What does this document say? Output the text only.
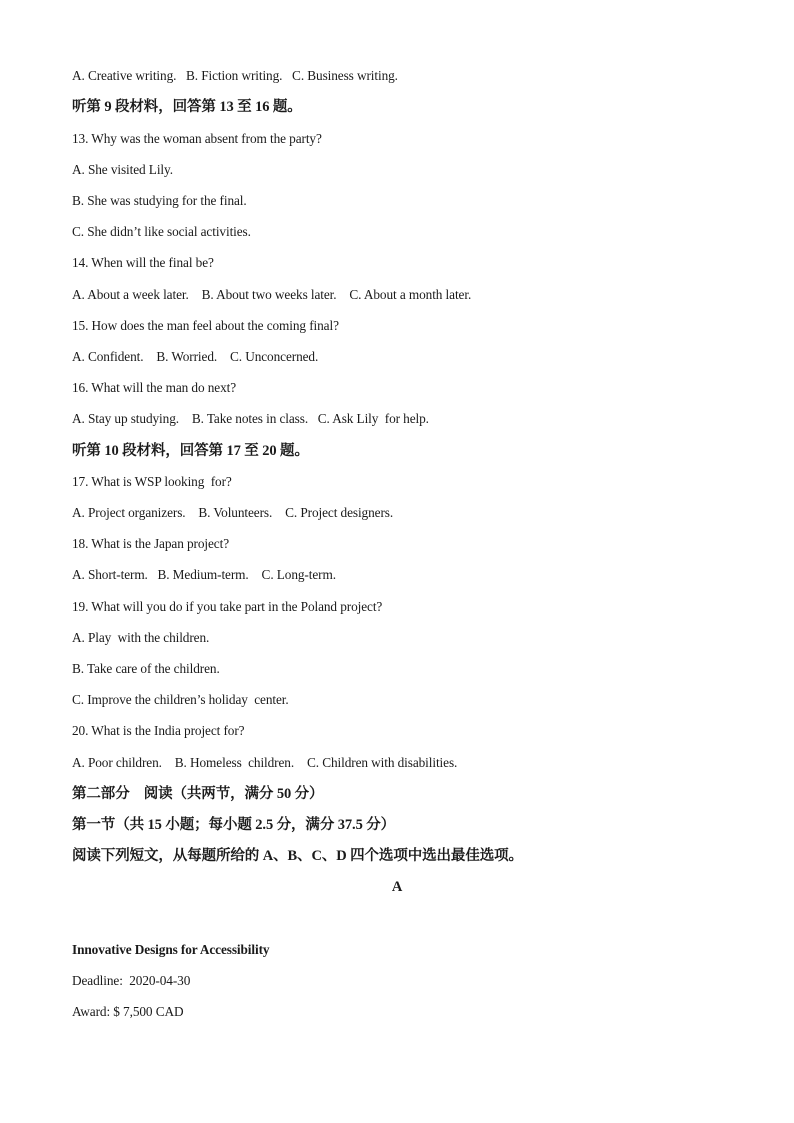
A. Creative writing.   B. Fiction writing.   C. Business writing.
听第 9 段材料，回答第 13 至 16 题。
13. Why was the woman absent from the party?
A. She visited Lily.
B. She was studying for the final.
C. She didn’t like social activities.
14. When will the final be?
A. About a week later.    B. About two weeks later.    C. About a month later.
15. How does the man feel about the coming final?
A. Confident.    B. Worried.    C. Unconcerned.
16. What will the man do next?
A. Stay up studying.    B. Take notes in class.   C. Ask Lily  for help.
听第 10 段材料，回答第 17 至 20 题。
17. What is WSP looking  for?
A. Project organizers.    B. Volunteers.    C. Project designers.
18. What is the Japan project?
A. Short-term.   B. Medium-term.    C. Long-term.
19. What will you do if you take part in the Poland project?
A. Play  with the children.
B. Take care of the children.
C. Improve the children’s holiday  center.
20. What is the India project for?
A. Poor children.    B. Homeless  children.    C. Children with disabilities.
第二部分    阅读（共两节，满分 50 分）
第一节（共 15 小题；每小题 2.5 分，满分 37.5 分）
阅读下列短文，从每题所给的 A、B、C、D 四个选项中选出最佳选项。
A
Innovative Designs for Accessibility
Deadline:  2020-04-30
Award: $ 7,500 CAD
